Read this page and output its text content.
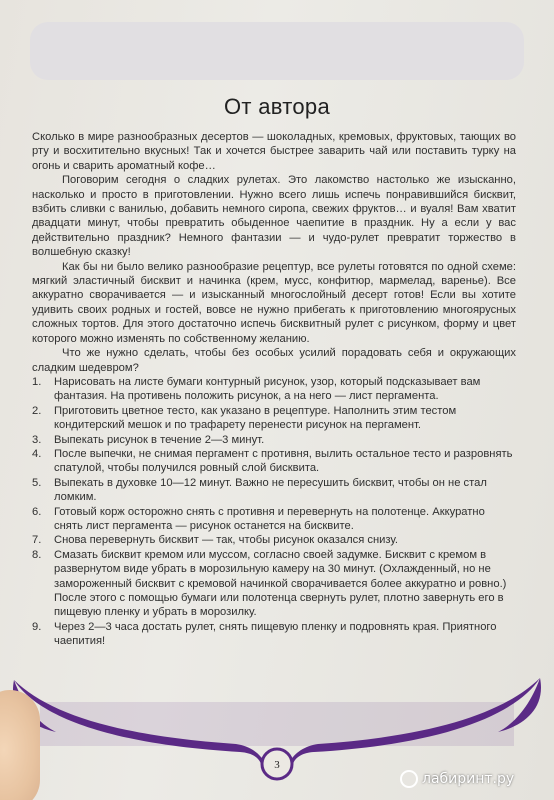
От автора

Сколько в мире разнообразных десертов — шоколадных, кремовых, фруктовых, тающих во рту и восхитительно вкусных! Так и хочется быстрее заварить чай или поставить турку на огонь и сварить ароматный кофе…

Поговорим сегодня о сладких рулетах. Это лакомство настолько же изысканно, насколько и просто в приготовлении. Нужно всего лишь испечь понравившийся бисквит, взбить сливки с ванилью, добавить немного сиропа, свежих фруктов… и вуаля! Вам хватит двадцати минут, чтобы превратить обыденное чаепитие в праздник. Ну а если у вас действительно праздник? Немного фантазии — и чудо-рулет превратит торжество в волшебную сказку!

Как бы ни было велико разнообразие рецептур, все рулеты готовятся по одной схеме: мягкий эластичный бисквит и начинка (крем, мусс, конфитюр, мармелад, варенье). Все аккуратно сворачивается — и изысканный многослойный десерт готов! Если вы хотите удивить своих родных и гостей, вовсе не нужно прибегать к приготовлению многоярусных сложных тортов. Для этого достаточно испечь бисквитный рулет с рисунком, форму и цвет которого можно изменять по собственному желанию.

Что же нужно сделать, чтобы без особых усилий порадовать себя и окружающих сладким шедевром?

1. Нарисовать на листе бумаги контурный рисунок, узор, который подсказывает вам фантазия. На противень положить рисунок, а на него — лист пергамента.
2. Приготовить цветное тесто, как указано в рецептуре. Наполнить этим тестом кондитерский мешок и по трафарету перенести рисунок на пергамент.
3. Выпекать рисунок в течение 2—3 минут.
4. После выпечки, не снимая пергамент с противня, вылить остальное тесто и разровнять спатулой, чтобы получился ровный слой бисквита.
5. Выпекать в духовке 10—12 минут. Важно не пересушить бисквит, чтобы он не стал ломким.
6. Готовый корж осторожно снять с противня и перевернуть на полотенце. Аккуратно снять лист пергамента — рисунок останется на бисквите.
7. Снова перевернуть бисквит — так, чтобы рисунок оказался снизу.
8. Смазать бисквит кремом или муссом, согласно своей задумке. Бисквит с кремом в развернутом виде убрать в морозильную камеру на 30 минут. (Охлажденный, но не замороженный бисквит с кремовой начинкой сворачивается более аккуратно и ровно.) После этого с помощью бумаги или полотенца свернуть рулет, плотно завернуть его в пищевую пленку и убрать в морозилку.
9. Через 2—3 часа достать рулет, снять пищевую пленку и подровнять края. Приятного чаепития!
3
лабиринт.ру
